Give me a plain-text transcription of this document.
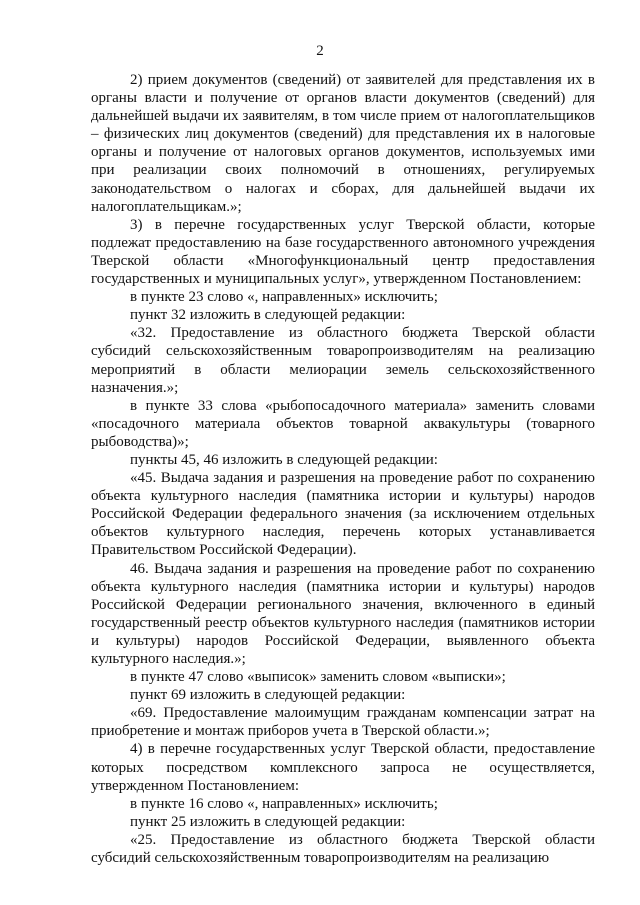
2

2) прием документов (сведений) от заявителей для представления их в органы власти и получение от органов власти документов (сведений) для дальнейшей выдачи их заявителям, в том числе прием от налогоплательщиков – физических лиц документов (сведений) для представления их в налоговые органы и получение от налоговых органов документов, используемых ими при реализации своих полномочий в отношениях, регулируемых законодательством о налогах и сборах, для дальнейшей выдачи их налогоплательщикам.»;

3) в перечне государственных услуг Тверской области, которые подлежат предоставлению на базе государственного автономного учреждения Тверской области «Многофункциональный центр предоставления государственных и муниципальных услуг», утвержденном Постановлением:

в пункте 23 слово «, направленных» исключить;

пункт 32 изложить в следующей редакции:

«32. Предоставление из областного бюджета Тверской области субсидий сельскохозяйственным товаропроизводителям на реализацию мероприятий в области мелиорации земель сельскохозяйственного назначения.»;

в пункте 33 слова «рыбопосадочного материала» заменить словами «посадочного материала объектов товарной аквакультуры (товарного рыбоводства)»;

пункты 45, 46 изложить в следующей редакции:

«45. Выдача задания и разрешения на проведение работ по сохранению объекта культурного наследия (памятника истории и культуры) народов Российской Федерации федерального значения (за исключением отдельных объектов культурного наследия, перечень которых устанавливается Правительством Российской Федерации).

46. Выдача задания и разрешения на проведение работ по сохранению объекта культурного наследия (памятника истории и культуры) народов Российской Федерации регионального значения, включенного в единый государственный реестр объектов культурного наследия (памятников истории и культуры) народов Российской Федерации, выявленного объекта культурного наследия.»;

в пункте 47 слово «выписок» заменить словом «выписки»;

пункт 69 изложить в следующей редакции:

«69. Предоставление малоимущим гражданам компенсации затрат на приобретение и монтаж приборов учета в Тверской области.»;

4) в перечне государственных услуг Тверской области, предоставление которых посредством комплексного запроса не осуществляется, утвержденном Постановлением:

в пункте 16 слово «, направленных» исключить;

пункт 25 изложить в следующей редакции:

«25. Предоставление из областного бюджета Тверской области субсидий сельскохозяйственным товаропроизводителям на реализацию
